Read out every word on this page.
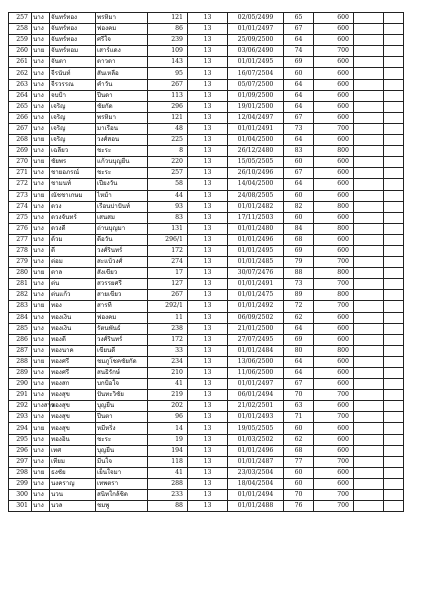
257	นาง	จันทร์ทอง	พรหิมา	121	13	02/05/2499	65	600		
258	นาง	จันทร์ทอง	ฟองคม	86	13	01/01/2497	67	600		
259	นาง	จันทร์ทอง	ศรีใจ	239	13	25/09/2500	64	600		
260	นาย	จันทร์หอม	เสาร์แดง	109	13	03/06/2490	74	700		
261	นาง	จันตา	ดาวดา	143	13	01/01/2495	69	600		
262	นาง	จีรนันท์	สันเหลือ	95	13	16/07/2504	60	600		
263	นาง	จีรวรรณ	คำวัน	267	13	05/07/2500	64	600		
264	นาง	จบป้า	ปีนดา	113	13	01/09/2500	64	600		
265	นาง	เจริญ	ชัยกัด	296	13	19/01/2500	64	600		
266	นาง	เจริญ	พรหิมา	121	13	12/04/2497	67	600		
267	นาง	เจริญ	มาเรือน	48	13	01/01/2491	73	700		
268	นาย	เจริญ	วงศ์สอน	225	13	01/04/2500	64	600		
269	นาง	เฉลียว	ชะระ	8	13	26/12/2480	83	800		
270	นาย	ชัยพร	แก้วนบุญยืน	220	13	15/05/2505	60	600		
271	นาง	ชายอภรณ์	ชะระ	257	13	26/10/2496	67	600		
272	นาง	ชามนท์	เปียงวัน	58	13	14/04/2500	64	600		
273	นาย	ณัชชาเกษม	ไหม้า	44	13	24/08/2505	60	600		
274	นาง	ดวง	เรือนปาปันท์	93	13	01/01/2482	82	800		
275	นาง	ดวงจันทร์	เสนสม	83	13	17/11/2503	60	600		
276	นาง	ดวงดี	ถ่านบุญมา	131	13	01/01/2480	84	800		
277	นาง	ด้วม	ดีอวัน	296/1	13	01/01/2496	68	600		
278	นาง	ดี	วงศ์รินทร์	172	13	01/01/2495	69	600		
279	นาง	ต่อม	สะแบ้วงศ์	274	13	01/01/2485	79	700		
280	นาย	ตาล	สังเขียว	17	13	30/07/2476	88	800		
281	นาง	ต่น	สวรรยศรี	127	13	01/01/2491	73	700		
282	นาง	ต่นแก้ว	สายเขียว	267	13	01/01/2475	89	800		
283	นาย	ทอง	สารที	292/1	13	01/01/2492	72	700		
284	นาง	ทองเงิน	ฟองคม	11	13	06/09/2502	62	600		
285	นาง	ทองเงิน	รัตนพันธ์	238	13	21/01/2500	64	600		
286	นาง	ทองดี	วงศ์รินทร์	172	13	27/07/2495	69	600		
287	นาง	ทองนาค	เขียนดี	33	13	01/01/2484	80	800		
288	นาย	ทองศรี	ชมภูโชคชัยกัด	234	13	13/06/2500	64	600		
289	นาง	ทองศรี	สนธิรักษ์	210	13	11/06/2500	64	600		
290	นาง	ทองสก	บกป้อใจ	41	13	01/01/2497	67	600		
291	นาง	ทองสุข	ปันทะวิชัย	219	13	06/01/2494	70	700		
292	นางสาว	ทองสุข	บุญยืน	202	13	21/02/2501	63	600		
293	นาง	ทองสุข	ปีนตา	96	13	01/01/2493	71	700		
294	นาย	ทองสุข	หมีหริ่ง	14	13	19/05/2505	60	600		
295	นาง	ทองอิน	ชะระ	19	13	01/03/2502	62	600		
296	นาง	เทศ	บุญยืน	194	13	01/01/2496	68	600		
297	นาง	เทียม	มีนใจ	118	13	01/01/2487	77	700		
298	นาย	ธงชัย	เย็นใจมา	41	13	23/03/2504	60	600		
299	นาง	นงคราญ	เทพตรา	288	13	18/04/2504	60	600		
300	นาง	นวน	สนิทใกล้ชิด	233	13	01/01/2494	70	700		
301	นาง	นวล	ชมพู	88	13	01/01/2488	76	700		
